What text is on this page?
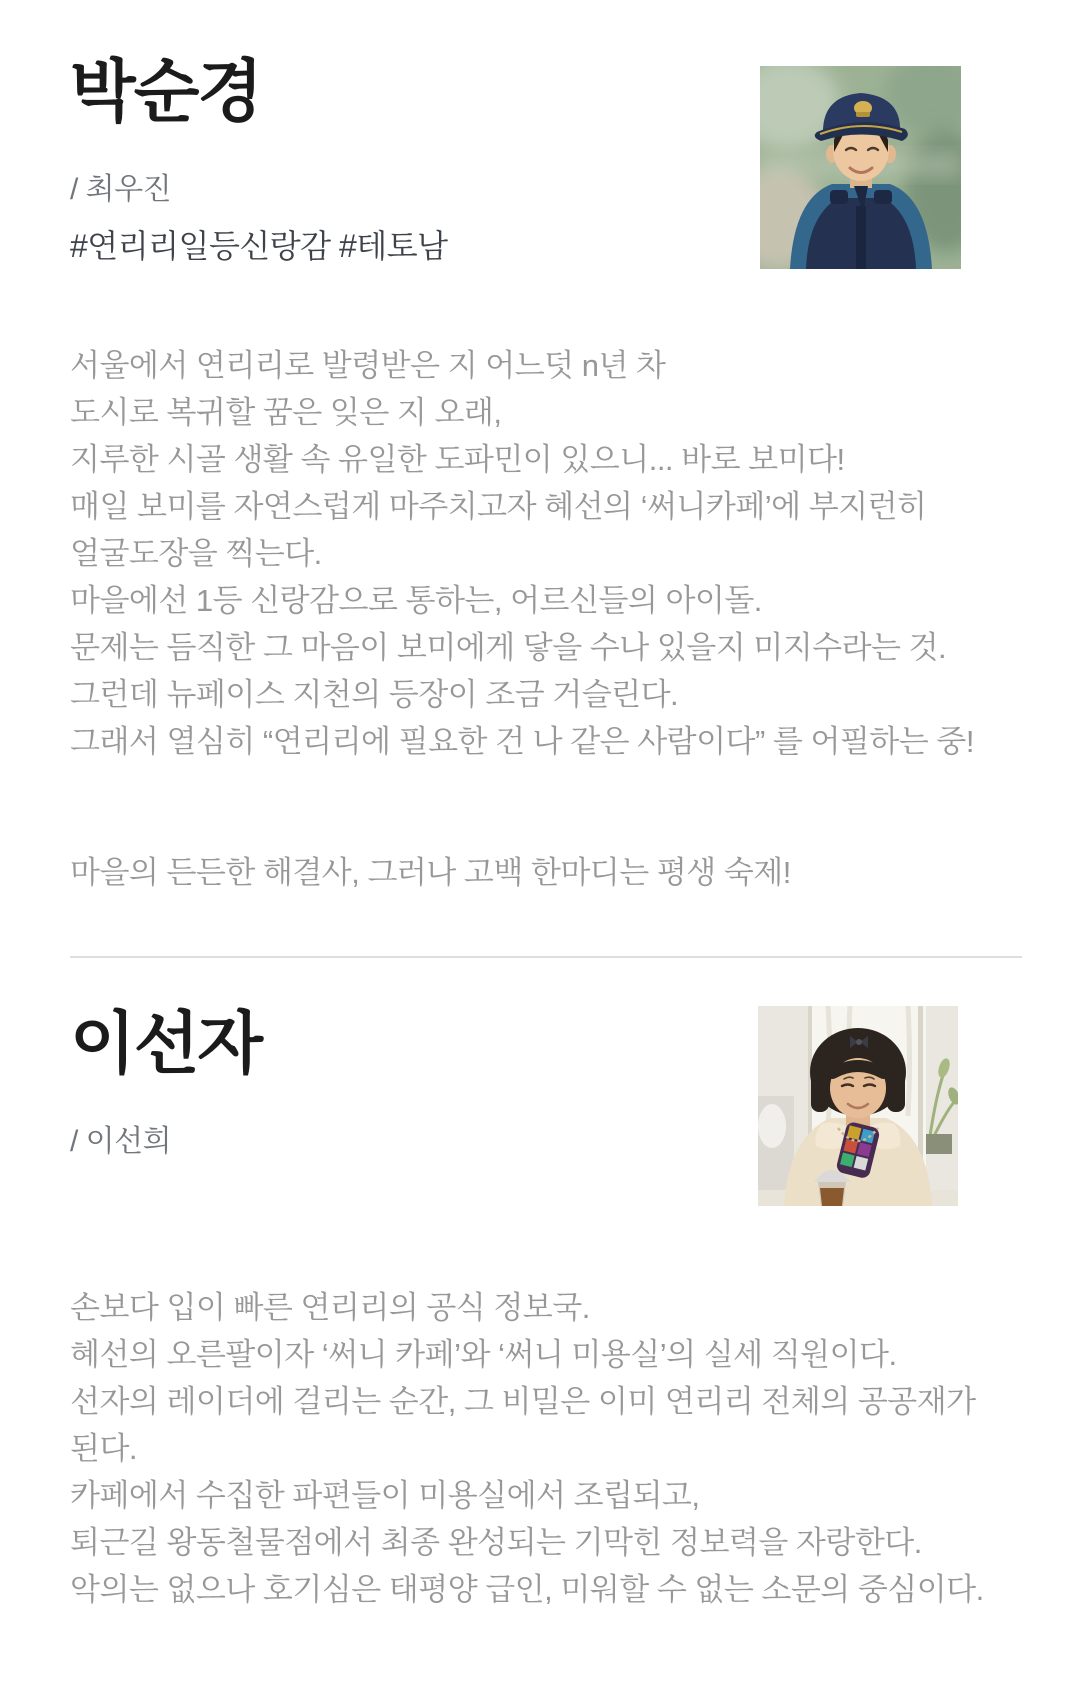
박순경
/ 최우진
#연리리일등신랑감 #테토남
서울에서 연리리로 발령받은 지 어느덧 n년 차
도시로 복귀할 꿈은 잊은 지 오래,
지루한 시골 생활 속 유일한 도파민이 있으니... 바로 보미다!
매일 보미를 자연스럽게 마주치고자 혜선의 ‘써니카페’에 부지런히
얼굴도장을 찍는다.
마을에선 1등 신랑감으로 통하는, 어르신들의 아이돌.
문제는 듬직한 그 마음이 보미에게 닿을 수나 있을지 미지수라는 것.
그런데 뉴페이스 지천의 등장이 조금 거슬린다.
그래서 열심히 “연리리에 필요한 건 나 같은 사람이다” 를 어필하는 중!
마을의 든든한 해결사, 그러나 고백 한마디는 평생 숙제!
이선자
/ 이선희
손보다 입이 빠른 연리리의 공식 정보국.
혜선의 오른팔이자 ‘써니 카페’와 ‘써니 미용실’의 실세 직원이다.
선자의 레이더에 걸리는 순간, 그 비밀은 이미 연리리 전체의 공공재가
된다.
카페에서 수집한 파편들이 미용실에서 조립되고,
퇴근길 왕동철물점에서 최종 완성되는 기막힌 정보력을 자랑한다.
악의는 없으나 호기심은 태평양 급인, 미워할 수 없는 소문의 중심이다.
